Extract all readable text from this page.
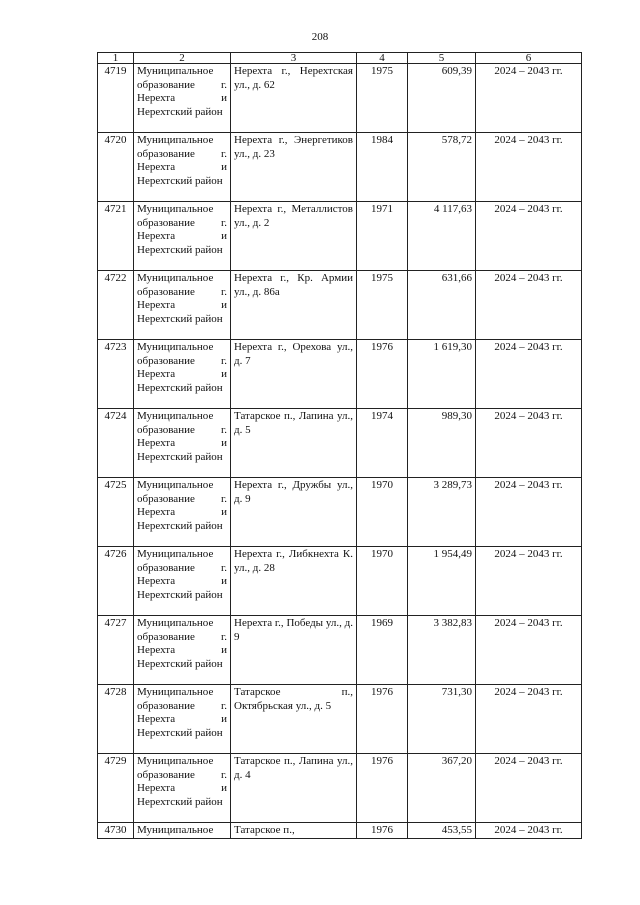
208
1	2	3	4	5	6
4719	Муниципальное образование г. Нерехта и Нерехтский район	Нерехта г., Нерехтская ул., д. 62	1975	609,39	2024 – 2043 гг.
4720	Муниципальное образование г. Нерехта и Нерехтский район	Нерехта г., Энергетиков ул., д. 23	1984	578,72	2024 – 2043 гг.
4721	Муниципальное образование г. Нерехта и Нерехтский район	Нерехта г., Металлистов ул., д. 2	1971	4 117,63	2024 – 2043 гг.
4722	Муниципальное образование г. Нерехта и Нерехтский район	Нерехта г., Кр. Армии ул., д. 86а	1975	631,66	2024 – 2043 гг.
4723	Муниципальное образование г. Нерехта и Нерехтский район	Нерехта г., Орехова ул., д. 7	1976	1 619,30	2024 – 2043 гг.
4724	Муниципальное образование г. Нерехта и Нерехтский район	Татарское п., Лапина ул., д. 5	1974	989,30	2024 – 2043 гг.
4725	Муниципальное образование г. Нерехта и Нерехтский район	Нерехта г., Дружбы ул., д. 9	1970	3 289,73	2024 – 2043 гг.
4726	Муниципальное образование г. Нерехта и Нерехтский район	Нерехта г., Либкнехта К. ул., д. 28	1970	1 954,49	2024 – 2043 гг.
4727	Муниципальное образование г. Нерехта и Нерехтский район	Нерехта г., Победы ул., д. 9	1969	3 382,83	2024 – 2043 гг.
4728	Муниципальное образование г. Нерехта и Нерехтский район	Татарское п., Октябрьская ул., д. 5	1976	731,30	2024 – 2043 гг.
4729	Муниципальное образование г. Нерехта и Нерехтский район	Татарское п., Лапина ул., д. 4	1976	367,20	2024 – 2043 гг.
4730	Муниципальное	Татарское п.,	1976	453,55	2024 – 2043 гг.
